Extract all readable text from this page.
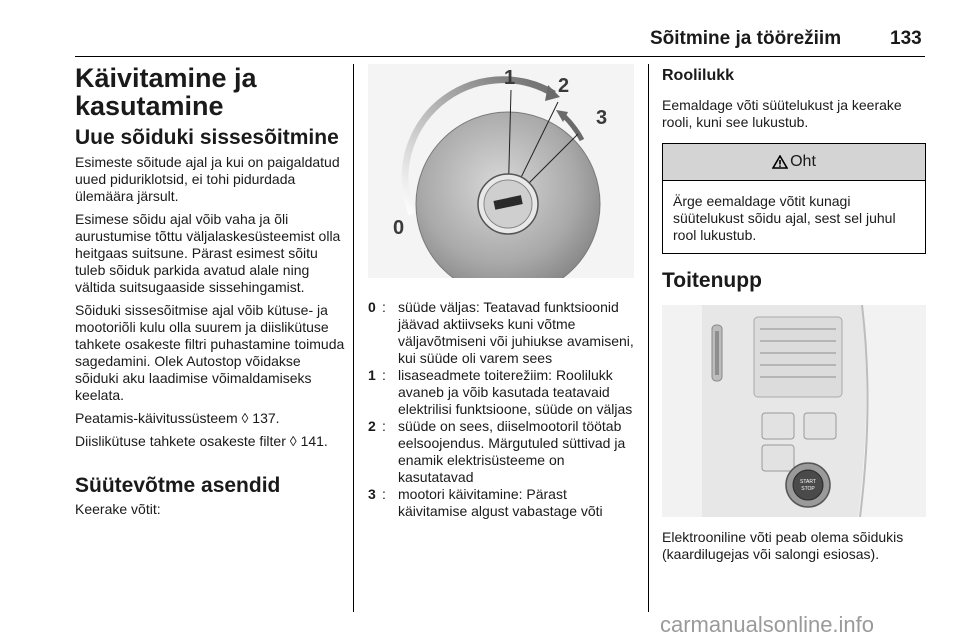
Sõitmine ja töörežiim	133
Käivitamine ja kasutamine
Uue sõiduki sissesõitmine

Esimeste sõitude ajal ja kui on paigaldatud uued piduriklotsid, ei tohi pidurdada ülemäära järsult.

Esimese sõidu ajal võib vaha ja õli aurustumise tõttu väljalaskesüsteemist olla heitgaas suitsune. Pärast esimest sõitu tuleb sõiduk parkida avatud alale ning vältida suitsugaaside sissehingamist.

Sõiduki sissesõitmise ajal võib kütuse- ja mootoriõli kulu olla suurem ja diislikütuse tahkete osakeste filtri puhastamine toimuda sagedamini. Olek Autostop võidakse sõiduki aku laadimise võimaldamiseks keelata.

Peatamis-käivitussüsteem ◊ 137.

Diislikütuse tahkete osakeste filter ◊ 141.

Süütevõtme asendid

Keerake võtit:

0
1 2
3
0 : süüde väljas: Teatavad funktsioonid jäävad aktiivseks kuni võtme väljavõtmiseni või juhiukse avamiseni, kui süüde oli varem sees
1 : lisaseadmete toiterežiim: Roolilukk avaneb ja võib kasutada teatavaid elektrilisi funktsioone, süüde on väljas
2 : süüde on sees, diiselmootoril töötab eelsoojendus. Märgutuled süttivad ja enamik elektrisüsteeme on kasutatavad
3 : mootori käivitamine: Pärast käivitamise algust vabastage võti
Roolilukk

Eemaldage võti süütelukust ja keerake rooli, kuni see lukustub.

Oht

Ärge eemaldage võtit kunagi süütelukust sõidu ajal, sest sel juhul rool lukustub.

Toitenupp
START
STOP

Elektrooniline võti peab olema sõidukis (kaardilugejas või salongi esiosas).

carmanualsonline.info
